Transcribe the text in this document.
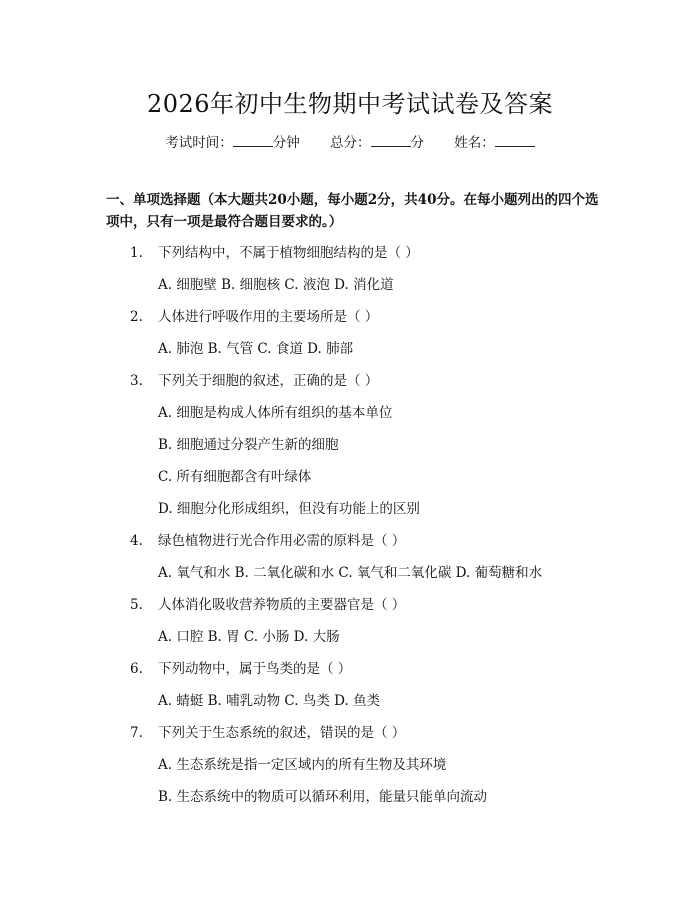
2026年初中生物期中考试试卷及答案
考试时间：	分钟 总分：	分 姓名：
一、单项选择题（本大题共20小题，每小题2分，共40分。在每小题列出的四个选项中，只有一项是最符合题目要求的。）
1. 下列结构中，不属于植物细胞结构的是（ ）
A. 细胞壁 B. 细胞核 C. 液泡 D. 消化道
2. 人体进行呼吸作用的主要场所是（ ）
A. 肺泡 B. 气管 C. 食道 D. 肺部
3. 下列关于细胞的叙述，正确的是（ ）
A. 细胞是构成人体所有组织的基本单位
B. 细胞通过分裂产生新的细胞
C. 所有细胞都含有叶绿体
D. 细胞分化形成组织，但没有功能上的区别
4. 绿色植物进行光合作用必需的原料是（ ）
A. 氧气和水 B. 二氧化碳和水 C. 氧气和二氧化碳 D. 葡萄糖和水
5. 人体消化吸收营养物质的主要器官是（ ）
A. 口腔 B. 胃 C. 小肠 D. 大肠
6. 下列动物中，属于鸟类的是（ ）
A. 蜻蜓 B. 哺乳动物 C. 鸟类 D. 鱼类
7. 下列关于生态系统的叙述，错误的是（ ）
A. 生态系统是指一定区域内的所有生物及其环境
B. 生态系统中的物质可以循环利用，能量只能单向流动
